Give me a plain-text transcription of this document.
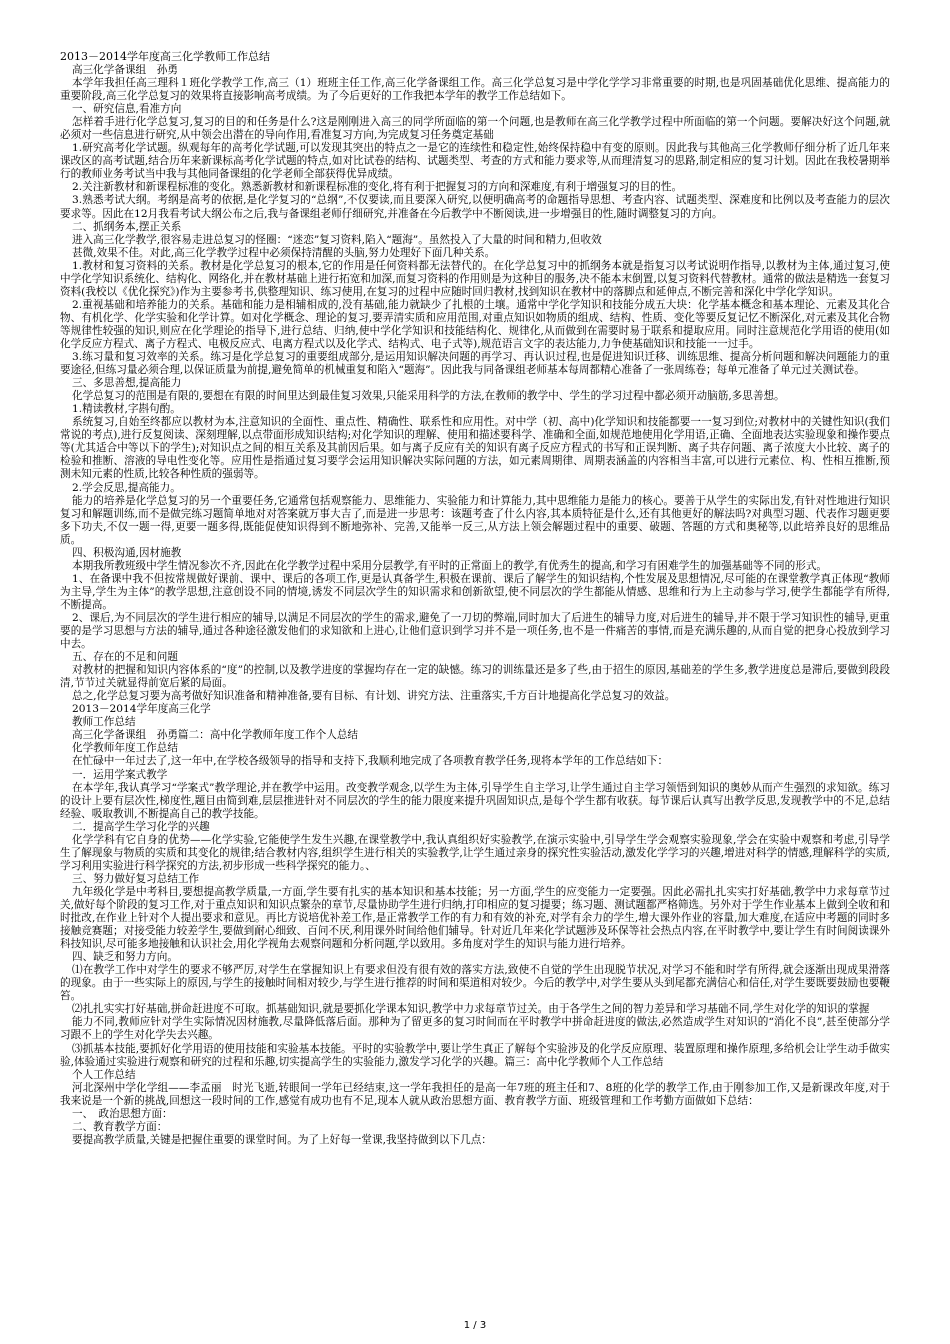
2013－2014学年度高三化学教师工作总结

高三化学备课组　孙勇

本学年我担任高三理科１班化学教学工作,高三（1）班班主任工作,高三化学备课组工作。高三化学总复习是中学化学学习非常重要的时期,也是巩固基础优化思维、提高能力的重要阶段,高三化学总复习的效果将直接影响高考成绩。为了今后更好的工作我把本学年的教学工作总结如下。

一、研究信息,看准方向

怎样着手进行化学总复习,复习的目的和任务是什么?这是刚刚进入高三的同学所面临的第一个问题,也是教师在高三化学教学过程中所面临的第一个问题。要解决好这个问题,就必须对一些信息进行研究,从中领会出潜在的导向作用,看准复习方向,为完成复习任务奠定基础

1.研究高考化学试题。纵观每年的高考化学试题,可以发现其突出的特点之一是它的连续性和稳定性,始终保持稳中有变的原则。因此我与其他高三化学教师仔细分析了近几年来课改区的高考试题,结合历年来新课标高考化学试题的特点,如对比试卷的结构、试题类型、考查的方式和能力要求等,从而理清复习的思路,制定相应的复习计划。因此在我校暑期举行的教师业务考试当中我与其他同备课组的化学老师全部获得优异成绩。

2.关注新教材和新课程标准的变化。熟悉新教材和新课程标准的变化,将有利于把握复习的方向和深难度,有利于增强复习的目的性。

3.熟悉考试大纲。考纲是高考的依据,是化学复习的“总纲”,不仅要读,而且要深入研究,以便明确高考的命题指导思想、考查内容、试题类型、深难度和比例以及考查能力的层次要求等。因此在12月我看考试大纲公布之后,我与备课组老师仔细研究,并准备在今后教学中不断阅读,进一步增强目的性,随时调整复习的方向。

二、抓纲务本,摆正关系

进入高三化学教学,很容易走进总复习的怪圈：“迷恋”复习资料,陷入“题海”。虽然投入了大量的时间和精力,但收效

甚微,效果不佳。对此,高三化学教学过程中必须保持清醒的头脑,努力处理好下面几种关系。

1.教材和复习资料的关系。教材是化学总复习的根本,它的作用是任何资料都无法替代的。在化学总复习中的抓纲务本就是指复习以考试说明作指导,以教材为主体,通过复习,使中学化学知识系统化、结构化、网络化,并在教材基础上进行拓宽和加深,而复习资料的作用则是为这种目的服务,决不能本末倒置,以复习资料代替教材。通常的做法是精选一套复习资料(我校以《优化探究》)作为主要参考书,供整理知识、练习使用,在复习的过程中应随时回归教材,找到知识在教材中的落脚点和延伸点,不断完善和深化中学化学知识。

2.重视基础和培养能力的关系。基础和能力是相辅相成的,没有基础,能力就缺少了扎根的土壤。通常中学化学知识和技能分成五大块：化学基本概念和基本理论、元素及其化合物、有机化学、化学实验和化学计算。如对化学概念、理论的复习,要弄清实质和应用范围,对重点知识如物质的组成、结构、性质、变化等要反复记忆不断深化,对元素及其化合物等规律性较强的知识,则应在化学理论的指导下,进行总结、归纳,使中学化学知识和技能结构化、规律化,从而做到在需要时易于联系和提取应用。同时注意规范化学用语的使用(如化学反应方程式、离子方程式、电极反应式、电离方程式以及化学式、结构式、电子式等),规范语言文字的表达能力,力争使基础知识和技能一一过手。

3.练习量和复习效率的关系。练习是化学总复习的重要组成部分,是运用知识解决问题的再学习、再认识过程,也是促进知识迁移、训练思维、提高分析问题和解决问题能力的重要途径,但练习量必须合理,以保证质量为前提,避免简单的机械重复和陷入“题海”。因此我与同备课组老师基本每周都精心准备了一张周练卷；每单元准备了单元过关测试卷。

三、多思善想,提高能力

化学总复习的范围是有限的,要想在有限的时间里达到最佳复习效果,只能采用科学的方法,在教师的教学中、学生的学习过程中都必须开动脑筋,多思善想。

1.精读教材,字斟句酌。

系统复习,自始至终都应以教材为本,注意知识的全面性、重点性、精确性、联系性和应用性。对中学（初、高中)化学知识和技能都要一一复习到位;对教材中的关键性知识(我们常说的考点),进行反复阅读、深刻理解,以点带面形成知识结构;对化学知识的理解、使用和描述要科学、准确和全面,如规范地使用化学用语,正确、全面地表达实验现象和操作要点等(尤其适合中等以下的学生);对知识点之间的相互关系及其前因后果。如与离子反应有关的知识有离子反应方程式的书写和正误判断、离子共存问题、离子浓度大小比较、离子的检验和推断、溶液的导电性变化等。应用性是指通过复习要学会运用知识解决实际问题的方法，如元素周期律、周期表涵盖的内容相当丰富,可以进行元素位、构、性相互推断,预测未知元素的性质,比较各种性质的强弱等。

2.学会反思,提高能力。

能力的培养是化学总复习的另一个重要任务,它通常包括观察能力、思维能力、实验能力和计算能力,其中思维能力是能力的核心。要善于从学生的实际出发,有针对性地进行知识复习和解题训练,而不是做完练习题简单地对对答案就万事大吉了,而是进一步思考：该题考查了什么内容,其本质特征是什么,还有其他更好的解法吗?对典型习题、代表作习题更要多下功夫,不仅一题一得,更要一题多得,既能促使知识得到不断地弥补、完善,又能举一反三,从方法上领会解题过程中的重要、破题、答题的方式和奥秘等,以此培养良好的思维品质。

四、积极沟通,因材施教

本期我所教班级中学生情况参次不齐,因此在化学教学过程中采用分层教学,有平时的正常面上的教学,有优秀生的提高,和学习有困难学生的加强基础等不同的形式。

1、在备课中我不但按常规做好课前、课中、课后的各项工作,更是认真备学生,积极在课前、课后了解学生的知识结构,个性发展及思想情况,尽可能的在课堂教学真正体现“教师为主导,学生为主体”的教学思想,注意创设不同的情境,诱发不同层次学生的知识需求和创新欲望,使不同层次的学生都能从情感、思维和行为上主动参与学习,使学生都能学有所得,不断提高。

2、课后,为不同层次的学生进行相应的辅导,以满足不同层次的学生的需求,避免了一刀切的弊端,同时加大了后进生的辅导力度,对后进生的辅导,并不限于学习知识性的辅导,更重要的是学习思想与方法的辅导,通过各种途径激发他们的求知欲和上进心,让他们意识到学习并不是一项任务,也不是一件痛苦的事情,而是充满乐趣的,从而自觉的把身心投放到学习中去。

五、存在的不足和问题

对教材的把握和知识内容体系的“度”的控制,以及教学进度的掌握均存在一定的缺憾。练习的训练量还是多了些,由于招生的原因,基础差的学生多,教学进度总是滞后,要做到段段清,节节过关就显得前宽后紧的局面。

总之,化学总复习要为高考做好知识准备和精神准备,要有目标、有计划、讲究方法、注重落实,千方百计地提高化学总复习的效益。

2013－2014学年度高三化学

教师工作总结

高三化学备课组　孙勇篇二：高中化学教师年度工作个人总结

化学教师年度工作总结

在忙碌中一年过去了,这一年中,在学校各级领导的指导和支持下,我顺利地完成了各项教育教学任务,现将本学年的工作总结如下：

一．运用学案式教学

在本学年,我认真学习“学案式”教学理论,并在教学中运用。改变教学观念,以学生为主体,引导学生自主学习,让学生通过自主学习领悟到知识的奥妙从而产生强烈的求知欲。练习的设计上要有层次性,梯度性,题目由简到难,层层推进针对不同层次的学生的能力限度来提升巩固知识点,是每个学生都有收获。每节课后认真写出教学反思,发现教学中的不足,总结经验、吸取教训,不断提高自己的教学技能。

二．提高学生学习化学的兴趣

化学学科有它自身的优势——化学实验,它能使学生发生兴趣,在课堂教学中,我认真组织好实验教学,在演示实验中,引导学生学会观察实验现象,学会在实验中观察和考虑,引导学生了解现象与物质的实质和其变化的规律;结合教材内容,组织学生进行相关的实验教学,让学生通过亲身的探究性实验活动,激发化学学习的兴趣,增进对科学的情感,理解科学的实质,学习利用实验进行科学探究的方法,初步形成一些科学探究的能力。、

三、努力做好复习总结工作

九年级化学是中考科目,要想提高教学质量,一方面,学生要有扎实的基本知识和基本技能；另一方面,学生的应变能力一定要强。因此必需扎扎实实打好基础,教学中力求每章节过关,做好每个阶段的复习工作,对于重点知识和知识点繁杂的章节,尽量协助学生进行归纳,打印相应的复习提要；练习题、测试题都严格筛选。另外对于学生作业基本上做到全收和和时批改,在作业上针对个人提出要求和意见。再比方说培优补差工作,是正常教学工作的有力和有效的补充,对学有余力的学生,增大课外作业的容量,加大难度,在适应中考题的同时多接触竞赛题；对接受能力较差学生,要做到耐心细致、百问不厌,利用课外时间给他们辅导。针对近几年来化学试题涉及环保等社会热点内容,在平时教学中,要让学生有时间阅读课外科技知识,尽可能多地接触和认识社会,用化学视角去观察问题和分析问题,学以致用。多角度对学生的知识与能力进行培养。

四、缺乏和努力方向。

⑴在教学工作中对学生的要求不够严厉,对学生在掌握知识上有要求但没有很有效的落实方法,致使不自觉的学生出现脱节状况,对学习不能和时学有所得,就会逐渐出现成果滑落的现象。由于一些实际上的原因,与学生的接触时间相对较少,与学生进行推荐的时间和渠道相对较少。今后的教学中,对学生要从头到尾都充满信心和信任,对学生要既要鼓励也要鞭笞。

⑵扎扎实实打好基础,拼命赶进度不可取。抓基础知识,就是要抓化学课本知识,教学中力求每章节过关。由于各学生之间的智力差异和学习基础不同,学生对化学的知识的掌握

能力不同,教师应针对学生实际情况因材施教,尽量降低落后面。那种为了留更多的复习时间而在平时教学中拼命赶进度的做法,必然造成学生对知识的“消化不良”,甚至使部分学习跟不上的学生对化学失去兴趣。

⑶抓基本技能,要抓好化学用语的使用技能和实验基本技能。平时的实验教学中,要让学生真正了解每个实验涉及的化学反应原理、装置原理和操作原理,多给机会让学生动手做实验,体验通过实验进行观察和研究的过程和乐趣,切实提高学生的实验能力,激发学习化学的兴趣。篇三：高中化学教师个人工作总结

个人工作总结

河北深州中学化学组——李孟丽　时光飞逝,转眼间一学年已经结束,这一学年我担任的是高一年7班的班主任和7、8班的化学的教学工作,由于刚参加工作,又是新课改年度,对于我来说是一个新的挑战,回想这一段时间的工作,感觉有成功也有不足,现本人就从政治思想方面、教育教学方面、班级管理和工作考勤方面做如下总结：

一、　政治思想方面：

二、教育教学方面：

要提高教学质量,关键是把握住重要的课堂时间。为了上好每一堂课,我坚持做到以下几点：

1 / 3
